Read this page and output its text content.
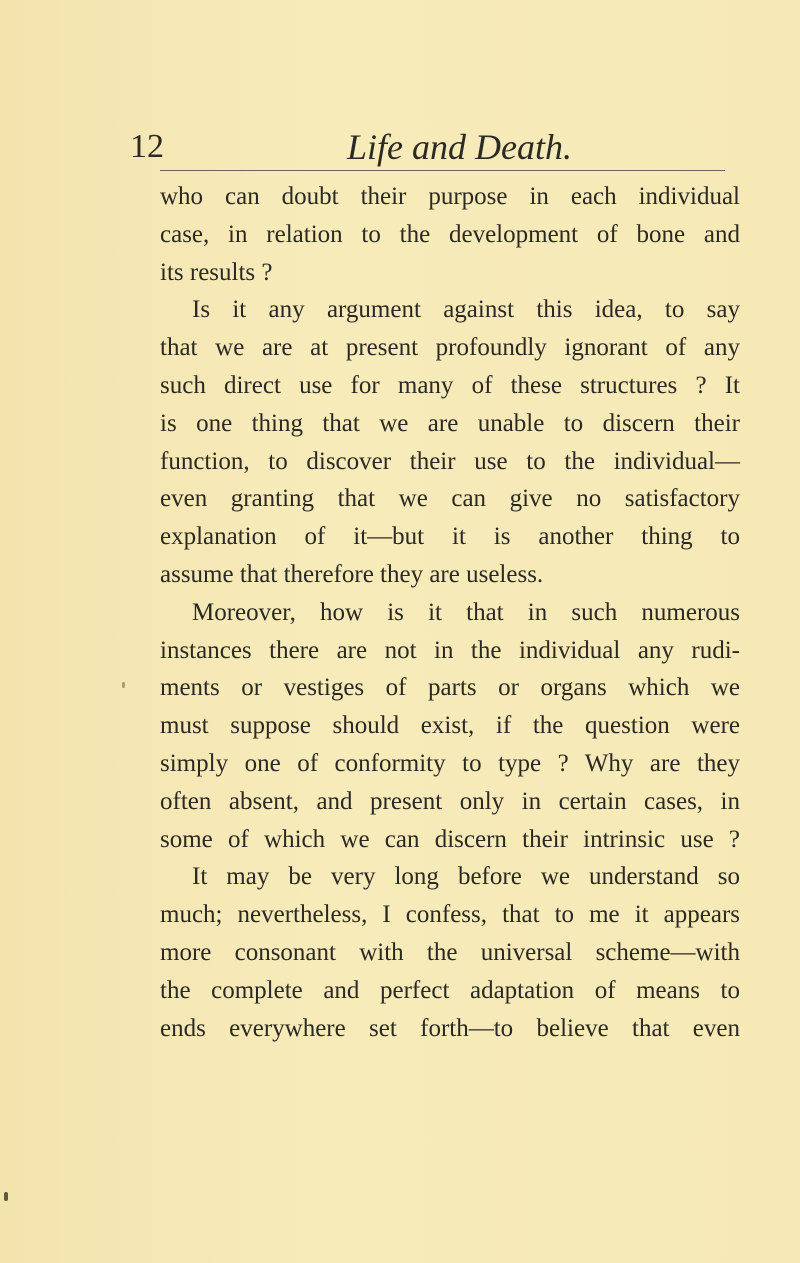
12	Life and Death.
who can doubt their purpose in each individual
case, in relation to the development of bone and
its results ?
Is it any argument against this idea, to say
that we are at present profoundly ignorant of any
such direct use for many of these structures ? It
is one thing that we are unable to discern their
function, to discover their use to the individual—
even granting that we can give no satisfactory
explanation of it—but it is another thing to
assume that therefore they are useless.
Moreover, how is it that in such numerous
instances there are not in the individual any rudi-
ments or vestiges of parts or organs which we
must suppose should exist, if the question were
simply one of conformity to type ? Why are they
often absent, and present only in certain cases, in
some of which we can discern their intrinsic use ?
It may be very long before we understand so
much; nevertheless, I confess, that to me it appears
more consonant with the universal scheme—with
the complete and perfect adaptation of means to
ends everywhere set forth—to believe that even
